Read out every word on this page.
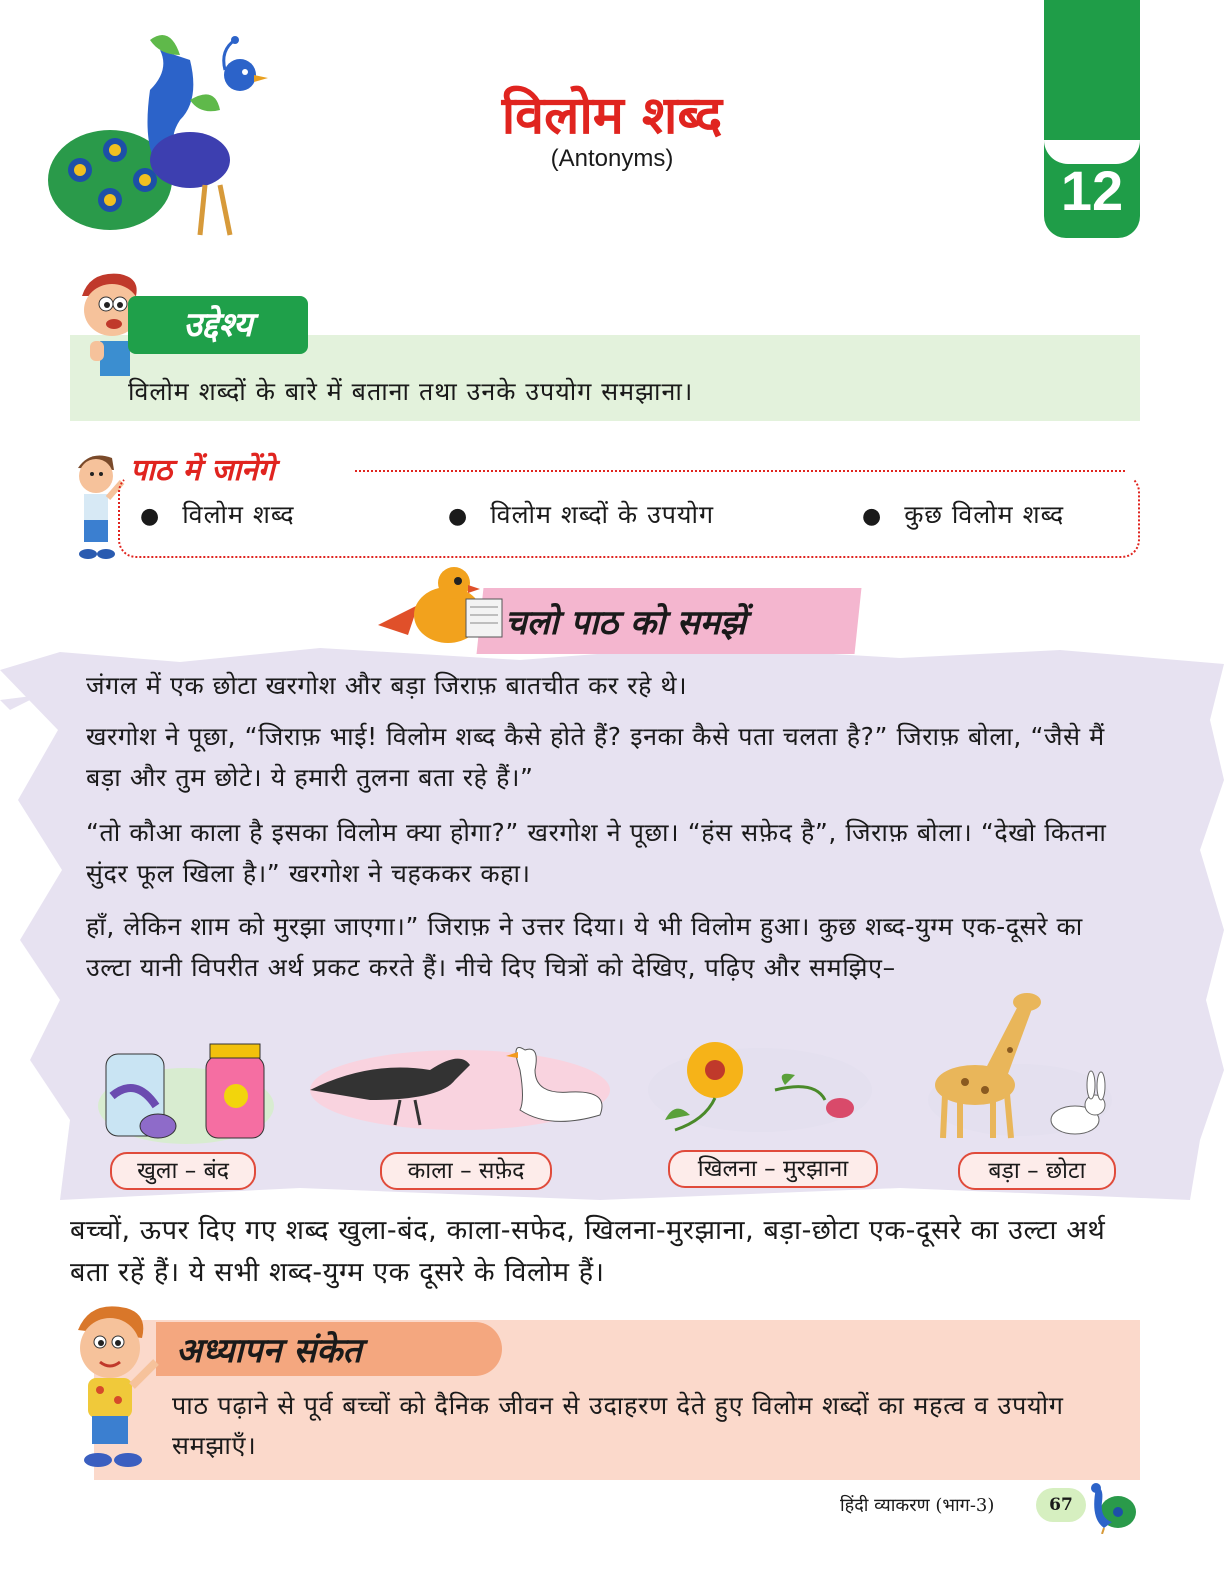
विलोम शब्द
(Antonyms)
12
उद्देश्य
विलोम शब्दों के बारे में बताना तथा उनके उपयोग समझाना।
पाठ में जानेंगे
● विलोम शब्द	● विलोम शब्दों के उपयोग	● कुछ विलोम शब्द
चलो पाठ को समझें
जंगल में एक छोटा खरगोश और बड़ा जिराफ़ बातचीत कर रहे थे।
खरगोश ने पूछा, “जिराफ़ भाई! विलोम शब्द कैसे होते हैं? इनका कैसे पता चलता है?” जिराफ़ बोला, “जैसे मैं बड़ा और तुम छोटे। ये हमारी तुलना बता रहे हैं।”
“तो कौआ काला है इसका विलोम क्या होगा?” खरगोश ने पूछा। “हंस सफ़ेद है”, जिराफ़ बोला। “देखो कितना सुंदर फूल खिला है।” खरगोश ने चहककर कहा।
हाँ, लेकिन शाम को मुरझा जाएगा।” जिराफ़ ने उत्तर दिया। ये भी विलोम हुआ। कुछ शब्द-युग्म एक-दूसरे का उल्टा यानी विपरीत अर्थ प्रकट करते हैं। नीचे दिए चित्रों को देखिए, पढ़िए और समझिए–
खुला – बंद	काला – सफ़ेद	खिलना – मुरझाना	बड़ा – छोटा
बच्चों, ऊपर दिए गए शब्द खुला-बंद, काला-सफेद, खिलना-मुरझाना, बड़ा-छोटा एक-दूसरे का उल्टा अर्थ बता रहें हैं। ये सभी शब्द-युग्म एक दूसरे के विलोम हैं।
अध्यापन संकेत
पाठ पढ़ाने से पूर्व बच्चों को दैनिक जीवन से उदाहरण देते हुए विलोम शब्दों का महत्व व उपयोग समझाएँ।
हिंदी व्याकरण (भाग-3)	67
